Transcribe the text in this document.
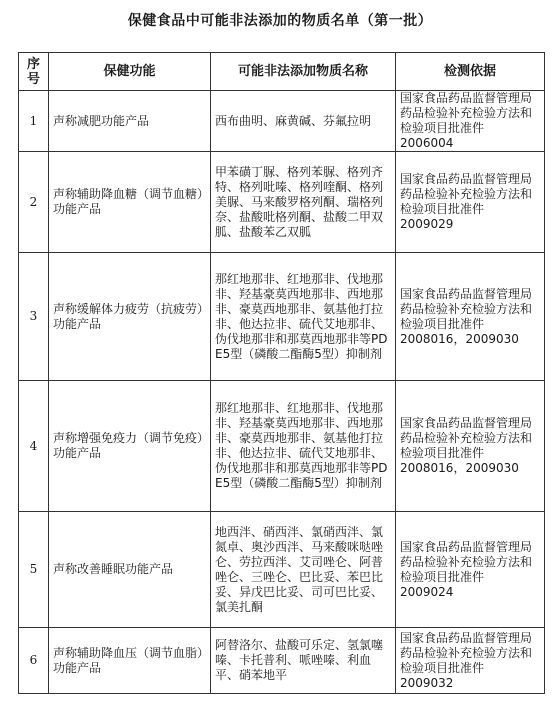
保健食品中可能非法添加的物质名单（第一批）
序号	保健功能	可能非法添加物质名称	检测依据
1	声称减肥功能产品	西布曲明、麻黄碱、芬氟拉明	国家食品药品监督管理局药品检验补充检验方法和检验项目批准件
2006004

2	声称辅助降血糖（调节血糖）功能产品	甲苯磺丁脲、格列苯脲、格列齐特、格列吡嗪、格列喹酮、格列美脲、马来酸罗格列酮、瑞格列奈、盐酸吡格列酮、盐酸二甲双胍、盐酸苯乙双胍	国家食品药品监督管理局药品检验补充检验方法和检验项目批准件
2009029

3	声称缓解体力疲劳（抗疲劳）功能产品	那红地那非、红地那非、伐地那非、羟基豪莫西地那非、西地那非、豪莫西地那非、氨基他打拉非、他达拉非、硫代艾地那非、伪伐地那非和那莫西地那非等PDE5型（磷酸二酯酶5型）抑制剂	国家食品药品监督管理局药品检验补充检验方法和检验项目批准件
2008016，2009030

4	声称增强免疫力（调节免疫）功能产品	那红地那非、红地那非、伐地那非、羟基豪莫西地那非、西地那非、豪莫西地那非、氨基他打拉非、他达拉非、硫代艾地那非、伪伐地那非和那莫西地那非等PDE5型（磷酸二酯酶5型）抑制剂	国家食品药品监督管理局药品检验补充检验方法和检验项目批准件
2008016，2009030

5	声称改善睡眠功能产品	地西泮、硝西泮、氯硝西泮、氯氮卓、奥沙西泮、马来酸咪哒唑仑、劳拉西泮、艾司唑仑、阿普唑仑、三唑仑、巴比妥、苯巴比妥、异戊巴比妥、司可巴比妥、氯美扎酮	国家食品药品监督管理局药品检验补充检验方法和检验项目批准件
2009024

6	声称辅助降血压（调节血脂）功能产品	阿替洛尔、盐酸可乐定、氢氯噻嗪、卡托普利、哌唑嗪、利血平、硝苯地平	国家食品药品监督管理局药品检验补充检验方法和检验项目批准件
2009032
